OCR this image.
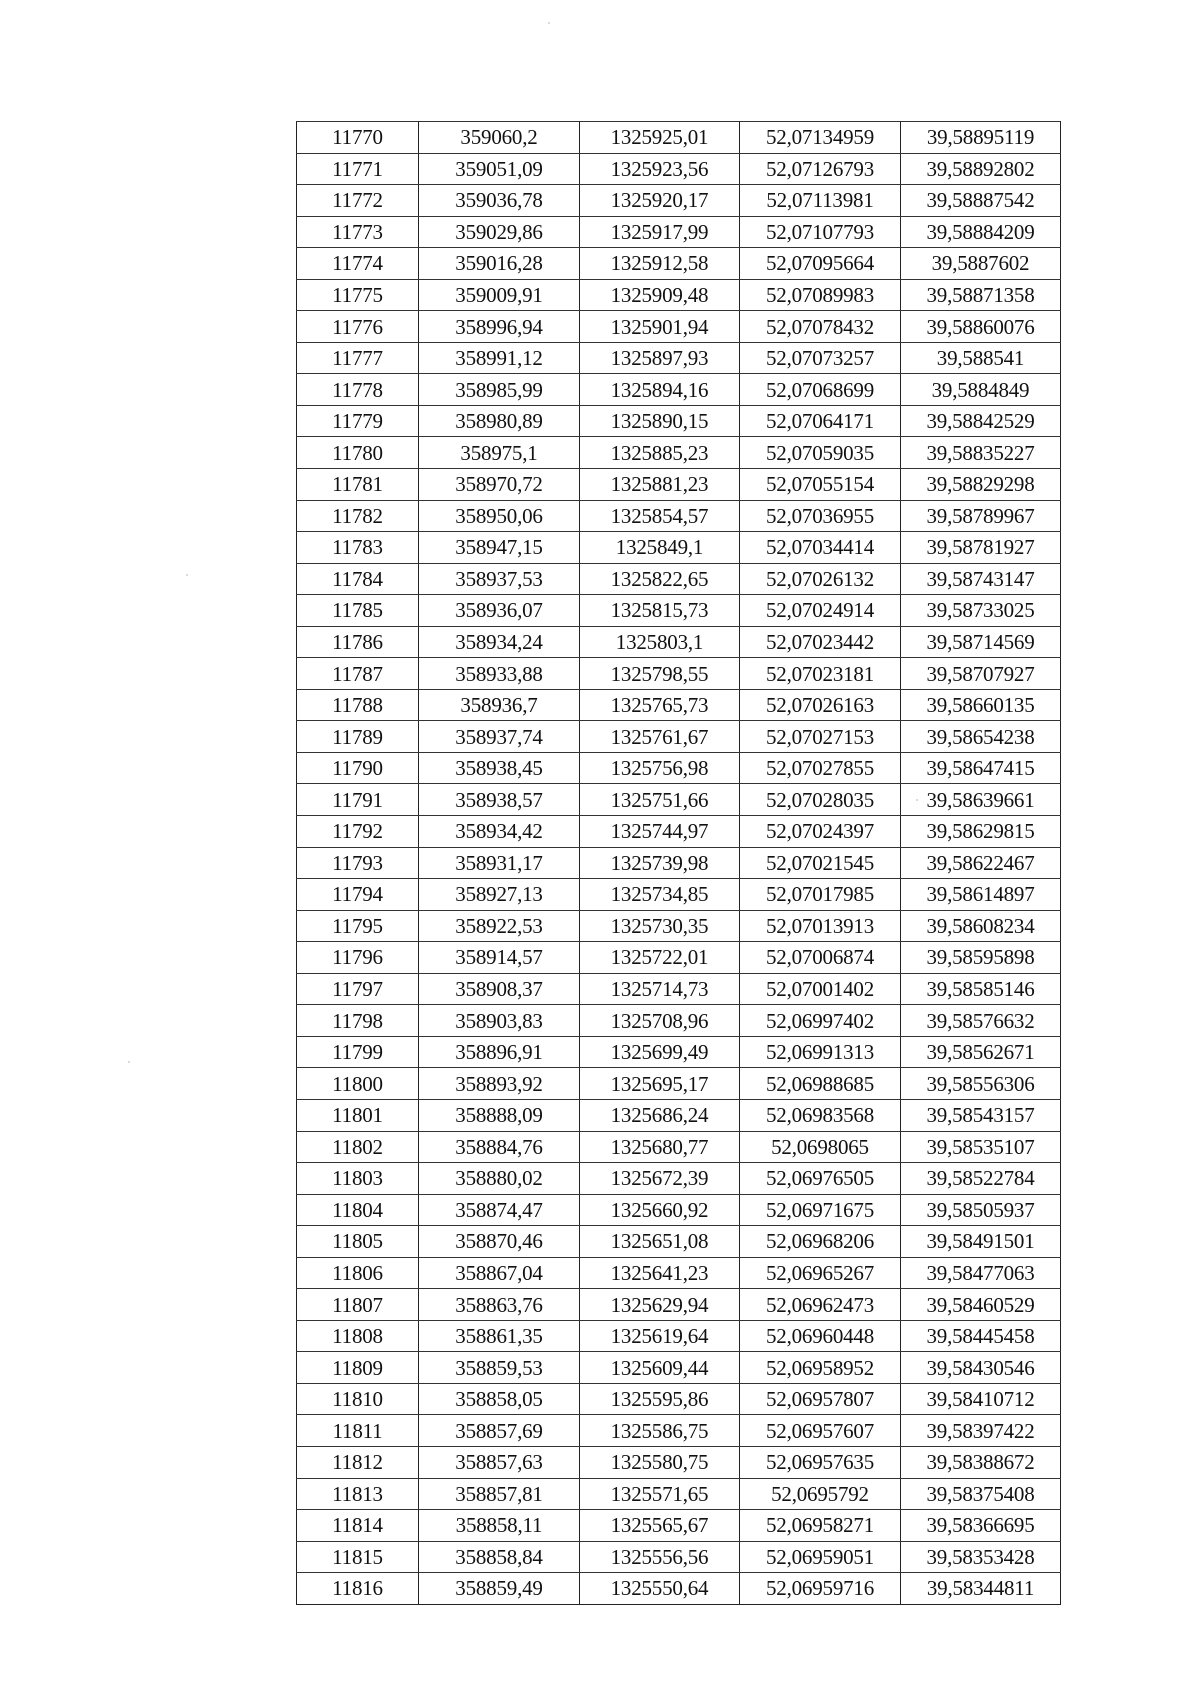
11770	359060,2	1325925,01	52,07134959	39,58895119
11771	359051,09	1325923,56	52,07126793	39,58892802
11772	359036,78	1325920,17	52,07113981	39,58887542
11773	359029,86	1325917,99	52,07107793	39,58884209
11774	359016,28	1325912,58	52,07095664	39,5887602
11775	359009,91	1325909,48	52,07089983	39,58871358
11776	358996,94	1325901,94	52,07078432	39,58860076
11777	358991,12	1325897,93	52,07073257	39,588541
11778	358985,99	1325894,16	52,07068699	39,5884849
11779	358980,89	1325890,15	52,07064171	39,58842529
11780	358975,1	1325885,23	52,07059035	39,58835227
11781	358970,72	1325881,23	52,07055154	39,58829298
11782	358950,06	1325854,57	52,07036955	39,58789967
11783	358947,15	1325849,1	52,07034414	39,58781927
11784	358937,53	1325822,65	52,07026132	39,58743147
11785	358936,07	1325815,73	52,07024914	39,58733025
11786	358934,24	1325803,1	52,07023442	39,58714569
11787	358933,88	1325798,55	52,07023181	39,58707927
11788	358936,7	1325765,73	52,07026163	39,58660135
11789	358937,74	1325761,67	52,07027153	39,58654238
11790	358938,45	1325756,98	52,07027855	39,58647415
11791	358938,57	1325751,66	52,07028035	39,58639661
11792	358934,42	1325744,97	52,07024397	39,58629815
11793	358931,17	1325739,98	52,07021545	39,58622467
11794	358927,13	1325734,85	52,07017985	39,58614897
11795	358922,53	1325730,35	52,07013913	39,58608234
11796	358914,57	1325722,01	52,07006874	39,58595898
11797	358908,37	1325714,73	52,07001402	39,58585146
11798	358903,83	1325708,96	52,06997402	39,58576632
11799	358896,91	1325699,49	52,06991313	39,58562671
11800	358893,92	1325695,17	52,06988685	39,58556306
11801	358888,09	1325686,24	52,06983568	39,58543157
11802	358884,76	1325680,77	52,0698065	39,58535107
11803	358880,02	1325672,39	52,06976505	39,58522784
11804	358874,47	1325660,92	52,06971675	39,58505937
11805	358870,46	1325651,08	52,06968206	39,58491501
11806	358867,04	1325641,23	52,06965267	39,58477063
11807	358863,76	1325629,94	52,06962473	39,58460529
11808	358861,35	1325619,64	52,06960448	39,58445458
11809	358859,53	1325609,44	52,06958952	39,58430546
11810	358858,05	1325595,86	52,06957807	39,58410712
11811	358857,69	1325586,75	52,06957607	39,58397422
11812	358857,63	1325580,75	52,06957635	39,58388672
11813	358857,81	1325571,65	52,0695792	39,58375408
11814	358858,11	1325565,67	52,06958271	39,58366695
11815	358858,84	1325556,56	52,06959051	39,58353428
11816	358859,49	1325550,64	52,06959716	39,58344811
